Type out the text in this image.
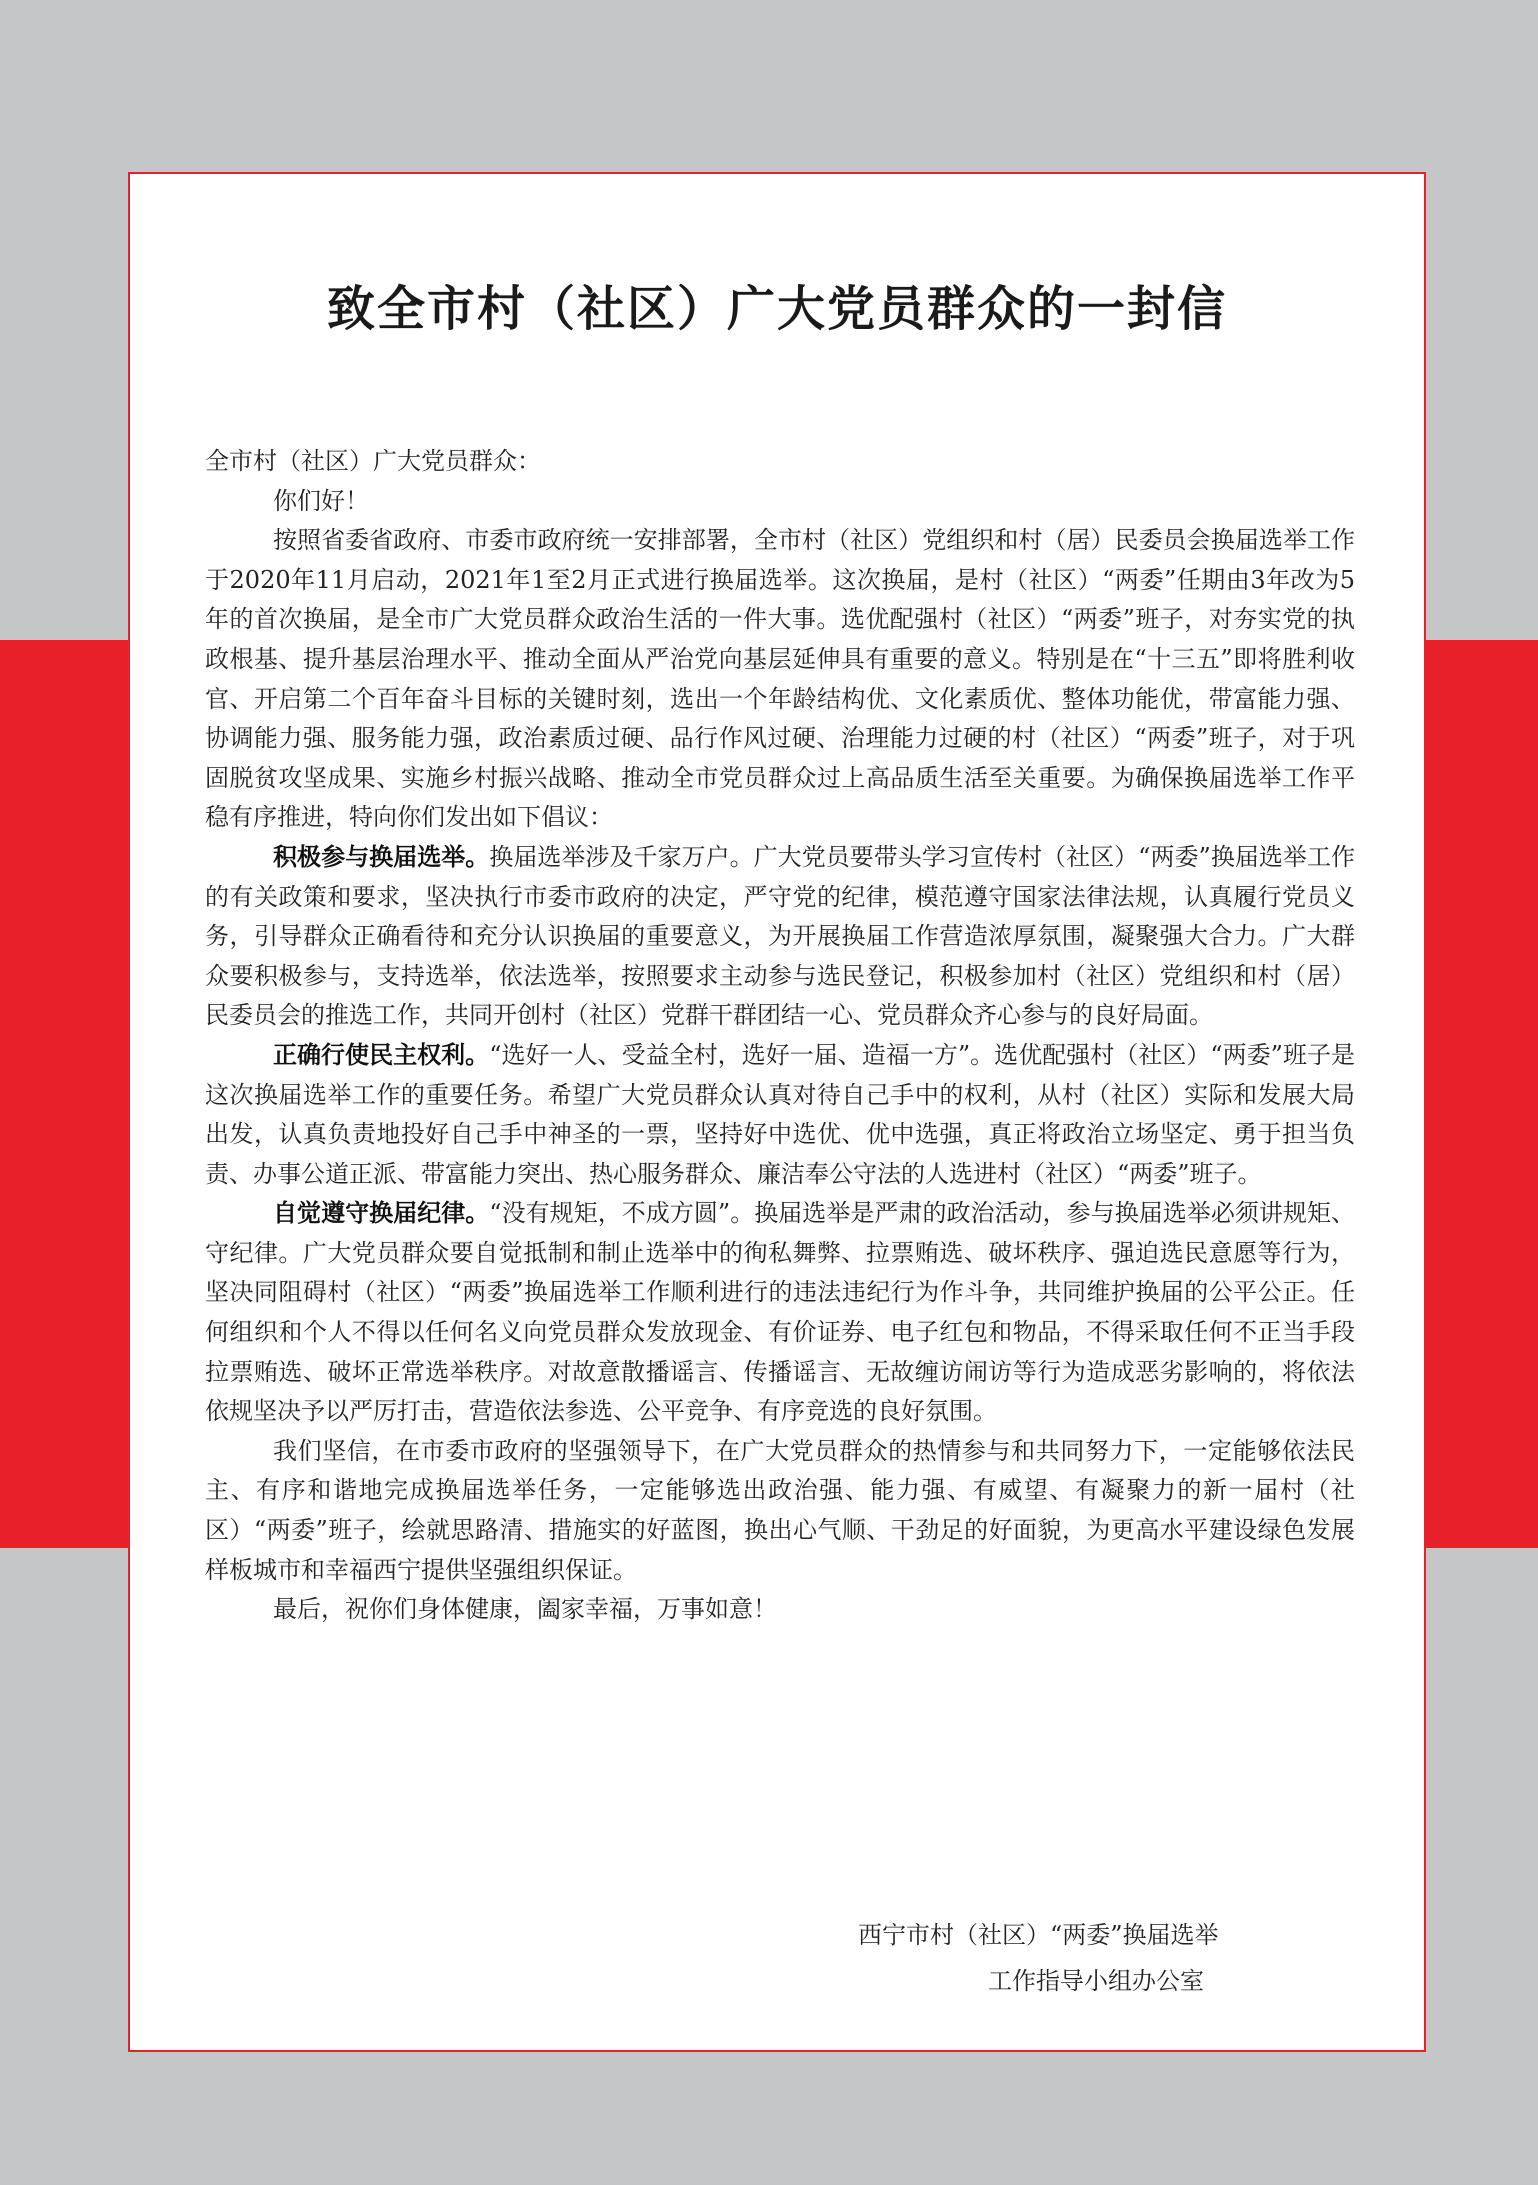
致全市村（社区）广大党员群众的一封信

全市村（社区）广大党员群众：

你们好！

按照省委省政府、市委市政府统一安排部署，全市村（社区）党组织和村（居）民委员会换届选举工作于2020年11月启动，2021年1至2月正式进行换届选举。这次换届，是村（社区）“两委”任期由3年改为5年的首次换届，是全市广大党员群众政治生活的一件大事。选优配强村（社区）“两委”班子，对夯实党的执政根基、提升基层治理水平、推动全面从严治党向基层延伸具有重要的意义。特别是在“十三五”即将胜利收官、开启第二个百年奋斗目标的关键时刻，选出一个年龄结构优、文化素质优、整体功能优，带富能力强、协调能力强、服务能力强，政治素质过硬、品行作风过硬、治理能力过硬的村（社区）“两委”班子，对于巩固脱贫攻坚成果、实施乡村振兴战略、推动全市党员群众过上高品质生活至关重要。为确保换届选举工作平稳有序推进，特向你们发出如下倡议：

积极参与换届选举。换届选举涉及千家万户。广大党员要带头学习宣传村（社区）“两委”换届选举工作的有关政策和要求，坚决执行市委市政府的决定，严守党的纪律，模范遵守国家法律法规，认真履行党员义务，引导群众正确看待和充分认识换届的重要意义，为开展换届工作营造浓厚氛围，凝聚强大合力。广大群众要积极参与，支持选举，依法选举，按照要求主动参与选民登记，积极参加村（社区）党组织和村（居）民委员会的推选工作，共同开创村（社区）党群干群团结一心、党员群众齐心参与的良好局面。

正确行使民主权利。“选好一人、受益全村，选好一届、造福一方”。选优配强村（社区）“两委”班子是这次换届选举工作的重要任务。希望广大党员群众认真对待自己手中的权利，从村（社区）实际和发展大局出发，认真负责地投好自己手中神圣的一票，坚持好中选优、优中选强，真正将政治立场坚定、勇于担当负责、办事公道正派、带富能力突出、热心服务群众、廉洁奉公守法的人选进村（社区）“两委”班子。

自觉遵守换届纪律。“没有规矩，不成方圆”。换届选举是严肃的政治活动，参与换届选举必须讲规矩、守纪律。广大党员群众要自觉抵制和制止选举中的徇私舞弊、拉票贿选、破坏秩序、强迫选民意愿等行为，坚决同阻碍村（社区）“两委”换届选举工作顺利进行的违法违纪行为作斗争，共同维护换届的公平公正。任何组织和个人不得以任何名义向党员群众发放现金、有价证券、电子红包和物品，不得采取任何不正当手段拉票贿选、破坏正常选举秩序。对故意散播谣言、传播谣言、无故缠访闹访等行为造成恶劣影响的，将依法依规坚决予以严厉打击，营造依法参选、公平竞争、有序竞选的良好氛围。

我们坚信，在市委市政府的坚强领导下，在广大党员群众的热情参与和共同努力下，一定能够依法民主、有序和谐地完成换届选举任务，一定能够选出政治强、能力强、有威望、有凝聚力的新一届村（社区）“两委”班子，绘就思路清、措施实的好蓝图，换出心气顺、干劲足的好面貌，为更高水平建设绿色发展样板城市和幸福西宁提供坚强组织保证。

最后，祝你们身体健康，阖家幸福，万事如意！

西宁市村（社区）“两委”换届选举
工作指导小组办公室
